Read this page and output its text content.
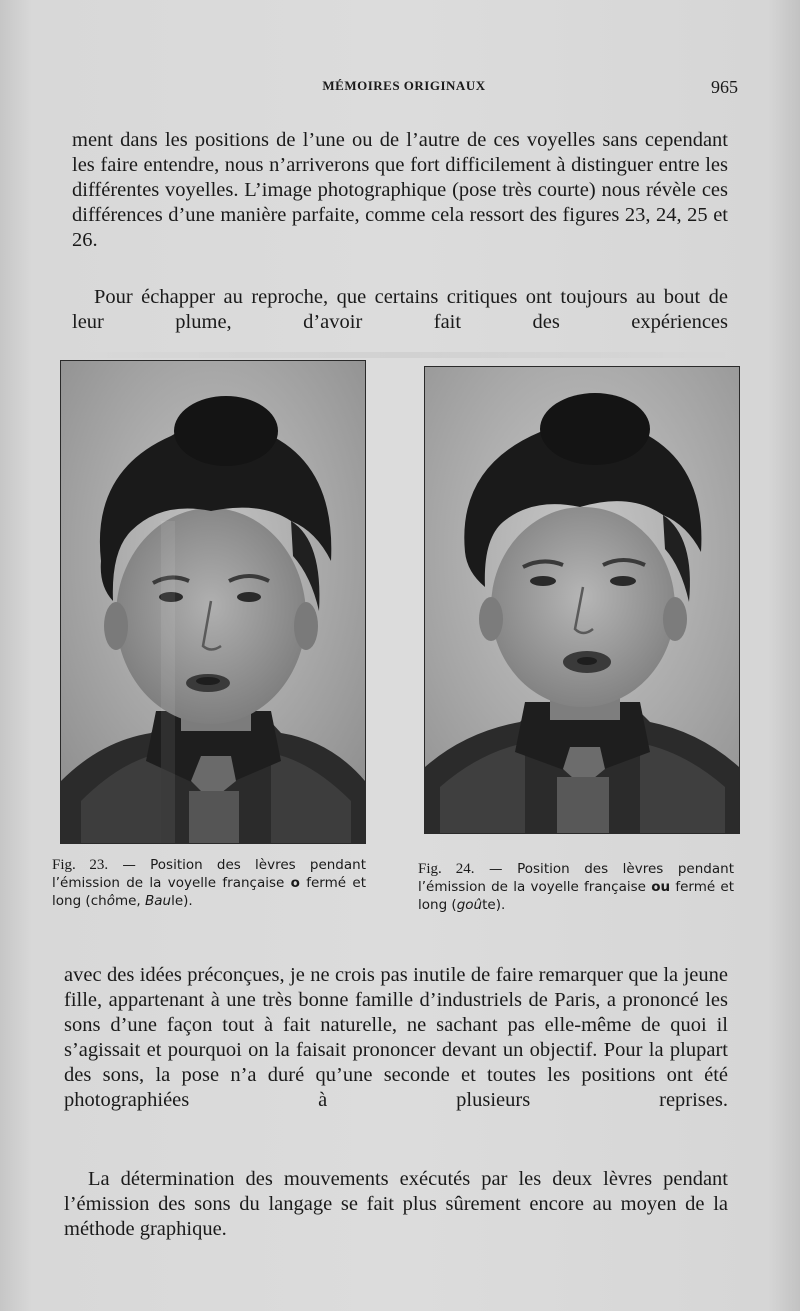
MÉMOIRES ORIGINAUX	965

ment dans les positions de l’une ou de l’autre de ces voyelles sans cependant les faire entendre, nous n’arriverons que fort difficilement à distinguer entre les différentes voyelles. L’image photographique (pose très courte) nous révèle ces différences d’une manière parfaite, comme cela ressort des figures 23, 24, 25 et 26.

Pour échapper au reproche, que certains critiques ont toujours au bout de leur plume, d’avoir fait des expériences

Fig. 23. — Position des lèvres pendant l’émission de la voyelle française o fermé et long (chôme, Baule).

Fig. 24. — Position des lèvres pendant l’émission de la voyelle française ou fermé et long (goûte).

avec des idées préconçues, je ne crois pas inutile de faire remarquer que la jeune fille, appartenant à une très bonne famille d’industriels de Paris, a prononcé les sons d’une façon tout à fait naturelle, ne sachant pas elle-même de quoi il s’agissait et pourquoi on la faisait prononcer devant un objectif. Pour la plupart des sons, la pose n’a duré qu’une seconde et toutes les positions ont été photographiées à plusieurs reprises.

La détermination des mouvements exécutés par les deux lèvres pendant l’émission des sons du langage se fait plus sûrement encore au moyen de la méthode graphique.
